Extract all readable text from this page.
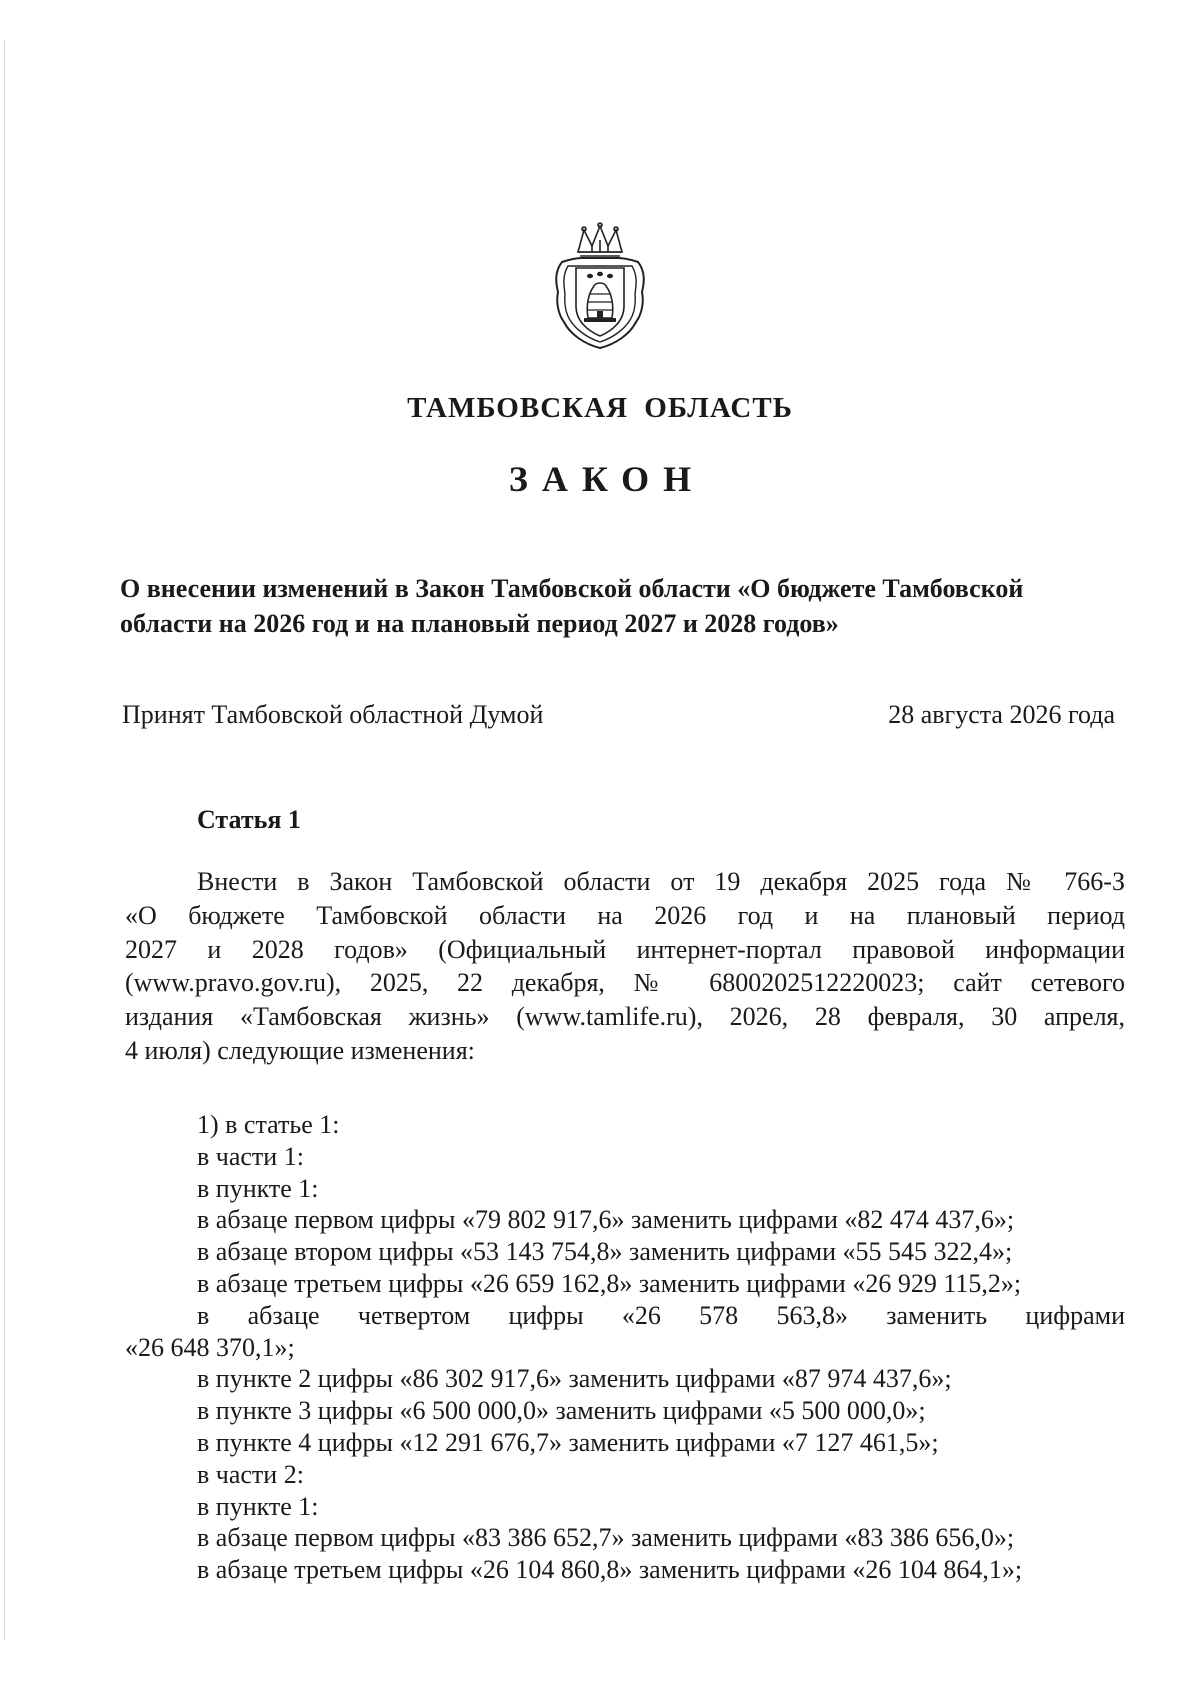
ТАМБОВСКАЯ ОБЛАСТЬ
ЗАКОН
О внесении изменений в Закон Тамбовской области «О бюджете Тамбовской
области на 2026 год и на плановый период 2027 и 2028 годов»
Принят Тамбовской областной Думой	28 августа 2026 года
Статья 1
Внести в Закон Тамбовской области от 19 декабря 2025 года № 766-З
«О бюджете Тамбовской области на 2026 год и на плановый период
2027 и 2028 годов» (Официальный интернет-портал правовой информации
(www.pravo.gov.ru), 2025, 22 декабря, № 6800202512220023; сайт сетевого
издания «Тамбовская жизнь» (www.tamlife.ru), 2026, 28 февраля, 30 апреля,
4 июля) следующие изменения:
1) в статье 1:
в части 1:
в пункте 1:
в абзаце первом цифры «79 802 917,6» заменить цифрами «82 474 437,6»;
в абзаце втором цифры «53 143 754,8» заменить цифрами «55 545 322,4»;
в абзаце третьем цифры «26 659 162,8» заменить цифрами «26 929 115,2»;
в абзаце четвертом цифры «26 578 563,8» заменить цифрами
«26 648 370,1»;
в пункте 2 цифры «86 302 917,6» заменить цифрами «87 974 437,6»;
в пункте 3 цифры «6 500 000,0» заменить цифрами «5 500 000,0»;
в пункте 4 цифры «12 291 676,7» заменить цифрами «7 127 461,5»;
в части 2:
в пункте 1:
в абзаце первом цифры «83 386 652,7» заменить цифрами «83 386 656,0»;
в абзаце третьем цифры «26 104 860,8» заменить цифрами «26 104 864,1»;
